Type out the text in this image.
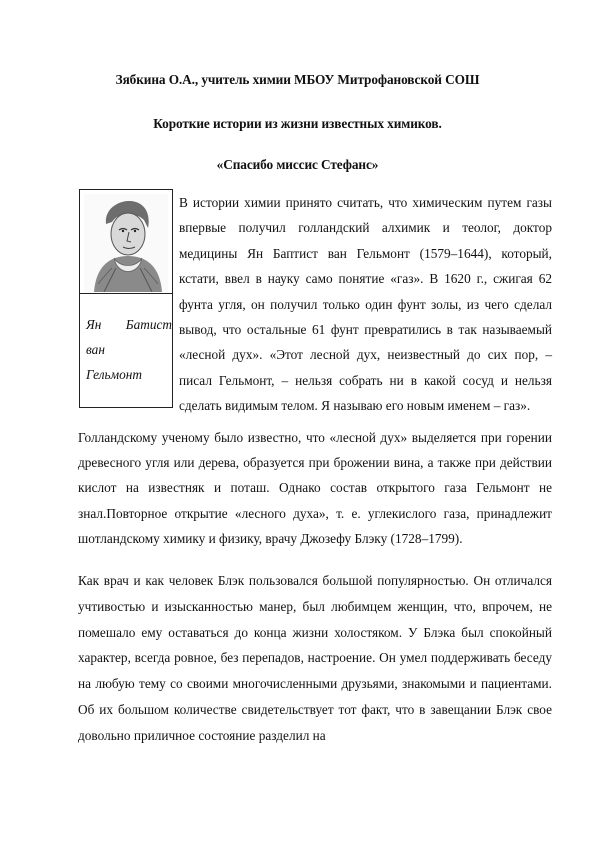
Зябкина О.А., учитель химии МБОУ Митрофановской СОШ
Короткие истории из жизни известных химиков.
«Спасибо миссис Стефанс»
Ян Батист
ван
Гельмонт
В истории химии принято считать, что химическим путем газы впервые получил голландский алхимик и теолог, доктор медицины Ян Баптист ван Гельмонт (1579–1644), который, кстати, ввел в науку само понятие «газ». В 1620 г., сжигая 62 фунта угля, он получил только один фунт золы, из чего сделал вывод, что остальные 61 фунт превратились в так называемый «лесной дух». «Этот лесной дух, неизвестный до сих пор, – писал Гельмонт, – нельзя собрать ни в какой сосуд и нельзя сделать видимым телом. Я называю его новым именем – газ».
Голландскому ученому было известно, что «лесной дух» выделяется при горении древесного угля или дерева, образуется при брожении вина, а также при действии кислот на известняк и поташ. Однако состав открытого газа Гельмонт не знал.Повторное открытие «лесного духа», т. е. углекислого газа, принадлежит шотландскому химику и физику, врачу Джозефу Блэку (1728–1799).
Как врач и как человек Блэк пользовался большой популярностью. Он отличался учтивостью и изысканностью манер, был любимцем женщин, что, впрочем, не помешало ему оставаться до конца жизни холостяком. У Блэка был спокойный характер, всегда ровное, без перепадов, настроение. Он умел поддерживать беседу на любую тему со своими многочисленными друзьями, знакомыми и пациентами. Об их большом количестве свидетельствует тот факт, что в завещании Блэк свое довольно приличное состояние разделил на
